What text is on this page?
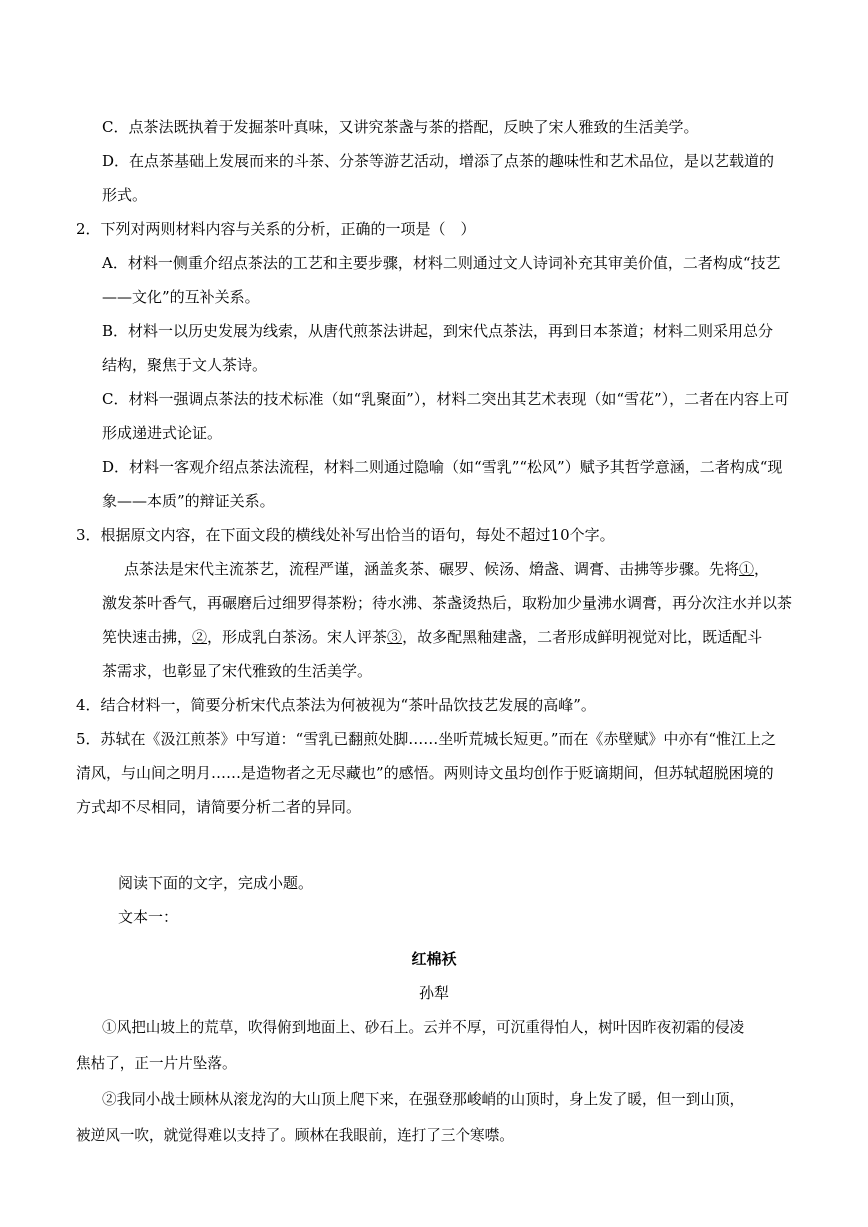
C．点茶法既执着于发掘茶叶真味，又讲究茶盏与茶的搭配，反映了宋人雅致的生活美学。
D．在点茶基础上发展而来的斗茶、分茶等游艺活动，增添了点茶的趣味性和艺术品位，是以艺载道的
形式。
2．下列对两则材料内容与关系的分析，正确的一项是（　）
A．材料一侧重介绍点茶法的工艺和主要步骤，材料二则通过文人诗词补充其审美价值，二者构成“技艺
——文化”的互补关系。
B．材料一以历史发展为线索，从唐代煎茶法讲起，到宋代点茶法，再到日本茶道；材料二则采用总分
结构，聚焦于文人茶诗。
C．材料一强调点茶法的技术标准（如“乳聚面”），材料二突出其艺术表现（如“雪花”），二者在内容上可
形成递进式论证。
D．材料一客观介绍点茶法流程，材料二则通过隐喻（如“雪乳”“松风”）赋予其哲学意涵，二者构成“现
象——本质”的辩证关系。
3．根据原文内容，在下面文段的横线处补写出恰当的语句，每处不超过10个字。
点茶法是宋代主流茶艺，流程严谨，涵盖炙茶、碾罗、候汤、熁盏、调膏、击拂等步骤。先将①，
激发茶叶香气，再碾磨后过细罗得茶粉；待水沸、茶盏烫热后，取粉加少量沸水调膏，再分次注水并以茶
筅快速击拂，②，形成乳白茶汤。宋人评茶③，故多配黑釉建盏，二者形成鲜明视觉对比，既适配斗
茶需求，也彰显了宋代雅致的生活美学。
4．结合材料一，简要分析宋代点茶法为何被视为“茶叶品饮技艺发展的高峰”。
5．苏轼在《汲江煎茶》中写道：“雪乳已翻煎处脚……坐听荒城长短更。”而在《赤壁赋》中亦有“惟江上之
清风，与山间之明月……是造物者之无尽藏也”的感悟。两则诗文虽均创作于贬谪期间，但苏轼超脱困境的
方式却不尽相同，请简要分析二者的异同。
阅读下面的文字，完成小题。
文本一：
红棉袄
孙犁
①风把山坡上的荒草，吹得俯到地面上、砂石上。云并不厚，可沉重得怕人，树叶因昨夜初霜的侵凌
焦枯了，正一片片坠落。
②我同小战士顾林从滚龙沟的大山顶上爬下来，在强登那峻峭的山顶时，身上发了暖，但一到山顶，
被逆风一吹，就觉得难以支持了。顾林在我眼前，连打了三个寒噤。
